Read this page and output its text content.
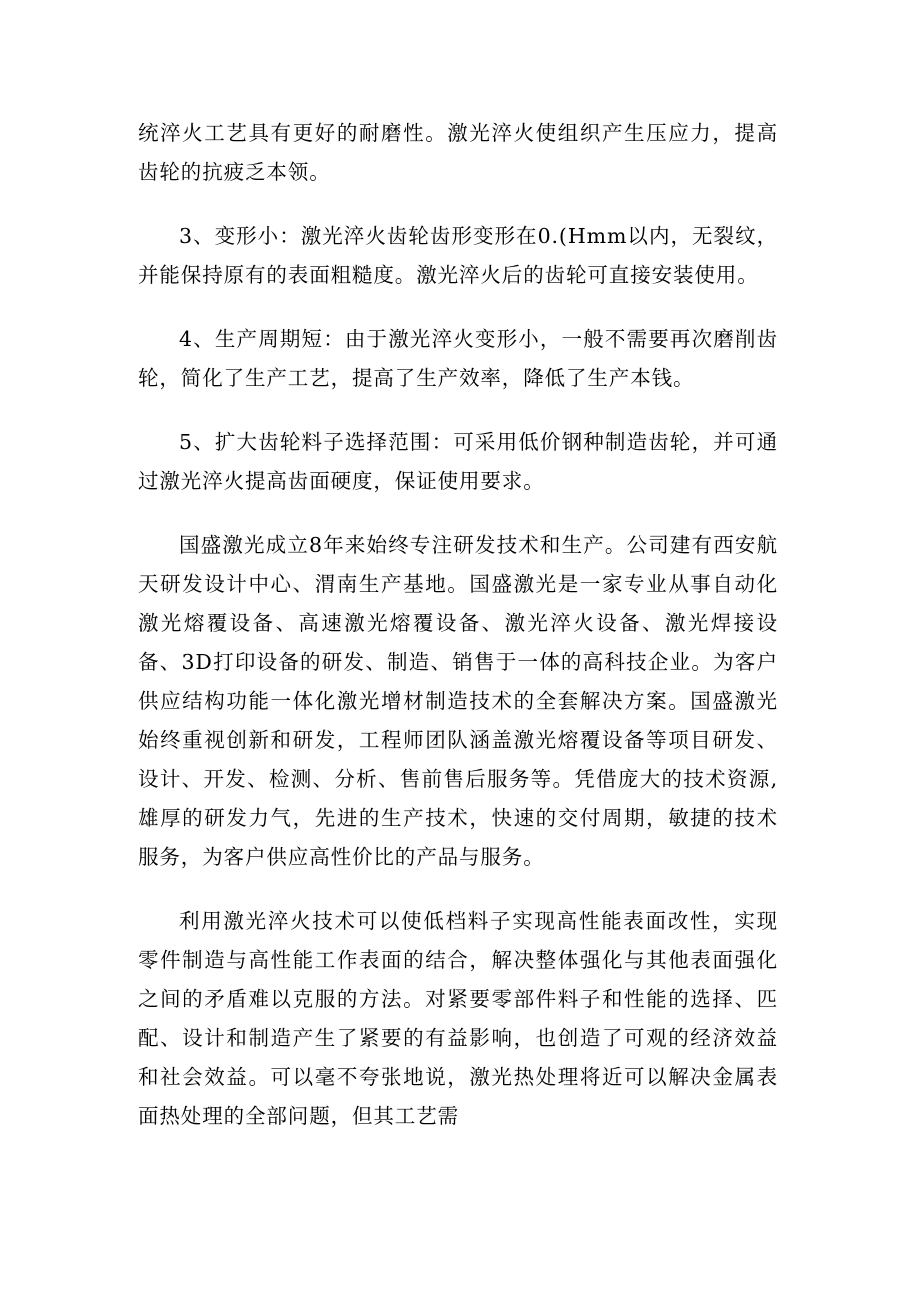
统淬火工艺具有更好的耐磨性。激光淬火使组织产生压应力，提高齿轮的抗疲乏本领。

3、变形小：激光淬火齿轮齿形变形在0.(Hmm以内，无裂纹，并能保持原有的表面粗糙度。激光淬火后的齿轮可直接安装使用。

4、生产周期短：由于激光淬火变形小，一般不需要再次磨削齿轮，简化了生产工艺，提高了生产效率，降低了生产本钱。

5、扩大齿轮料子选择范围：可采用低价钢种制造齿轮，并可通过激光淬火提高齿面硬度，保证使用要求。

国盛激光成立8年来始终专注研发技术和生产。公司建有西安航天研发设计中心、渭南生产基地。国盛激光是一家专业从事自动化激光熔覆设备、高速激光熔覆设备、激光淬火设备、激光焊接设备、3D打印设备的研发、制造、销售于一体的高科技企业。为客户供应结构功能一体化激光增材制造技术的全套解决方案。国盛激光始终重视创新和研发，工程师团队涵盖激光熔覆设备等项目研发、设计、开发、检测、分析、售前售后服务等。凭借庞大的技术资源,雄厚的研发力气，先进的生产技术，快速的交付周期，敏捷的技术服务，为客户供应高性价比的产品与服务。

利用激光淬火技术可以使低档料子实现高性能表面改性，实现零件制造与高性能工作表面的结合，解决整体强化与其他表面强化之间的矛盾难以克服的方法。对紧要零部件料子和性能的选择、匹配、设计和制造产生了紧要的有益影响，也创造了可观的经济效益和社会效益。可以毫不夸张地说，激光热处理将近可以解决金属表面热处理的全部问题，但其工艺需
